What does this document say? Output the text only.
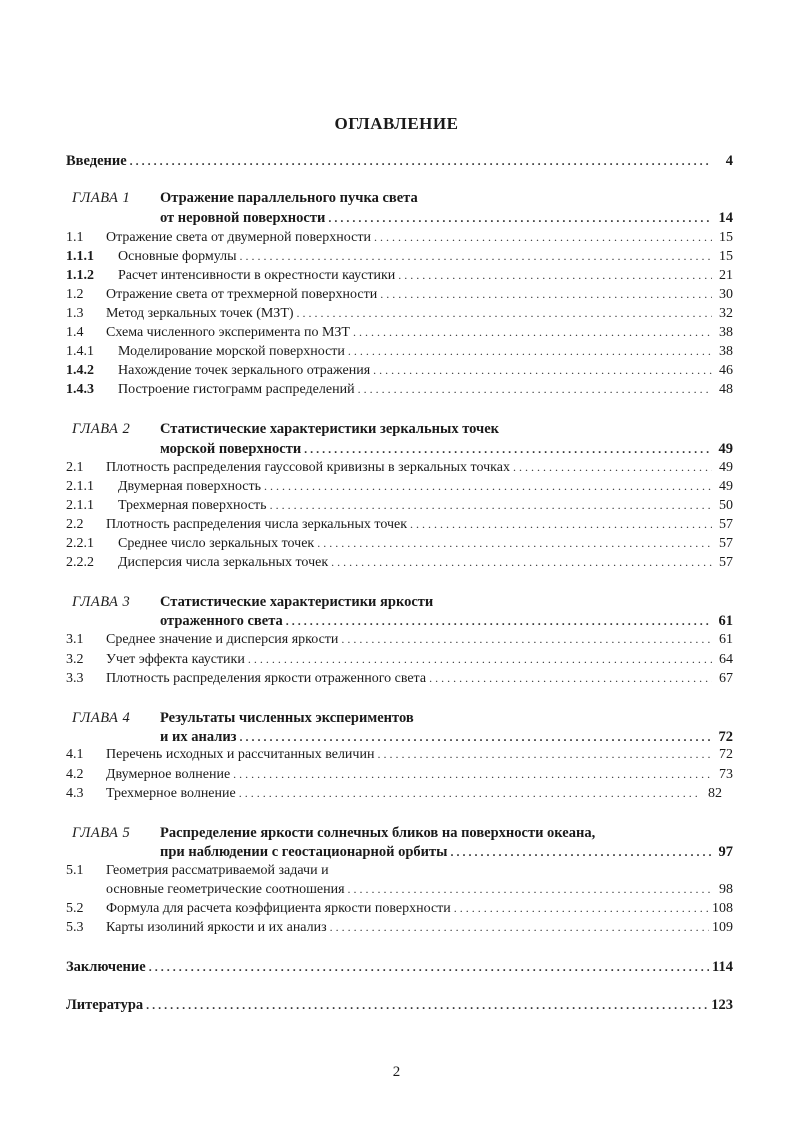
ОГЛАВЛЕНИЕ
Введение . . .	4
ГЛАВА 1 Отражение параллельного пучка света
от неровной поверхности . . .	14
1.1	Отражение света от двумерной поверхности . . .	15
1.1.1	Основные формулы . . .	15
1.1.2	Расчет интенсивности в окрестности каустики . . .	21
1.2	Отражение света от трехмерной поверхности . . .	30
1.3	Метод зеркальных точек (МЗТ) . . .	32
1.4	Схема численного эксперимента по МЗТ . . .	38
1.4.1	Моделирование морской поверхности . . .	38
1.4.2	Нахождение точек зеркального отражения . . .	46
1.4.3	Построение гистограмм распределений . . .	48
ГЛАВА 2 Статистические характеристики зеркальных точек
морской поверхности . . .	49
2.1	Плотность распределения гауссовой кривизны в зеркальных точках . . .	49
2.1.1	Двумерная поверхность . . .	49
2.1.1	Трехмерная поверхность . . .	50
2.2	Плотность распределения числа зеркальных точек . . .	57
2.2.1	Среднее число зеркальных точек . . .	57
2.2.2	Дисперсия числа зеркальных точек . . .	57
ГЛАВА 3 Статистические характеристики яркости
отраженного света . . .	61
3.1	Среднее значение и дисперсия яркости . . .	61
3.2	Учет эффекта каустики . . .	64
3.3	Плотность распределения яркости отраженного света . . .	67
ГЛАВА 4 Результаты численных экспериментов
и их анализ . . .	72
4.1	Перечень исходных и рассчитанных величин . . .	72
4.2	Двумерное волнение . . .	73
4.3	Трехмерное волнение . . .	82
ГЛАВА 5 Распределение яркости солнечных бликов на поверхности океана,
при наблюдении с геостационарной орбиты . . .	97
5.1	Геометрия рассматриваемой задачи и
основные геометрические соотношения . . .	98
5.2	Формула для расчета коэффициента яркости поверхности . . .	108
5.3	Карты изолиний яркости и их анализ . . .	109
Заключение . . .	114
Литература . . .	123
2
